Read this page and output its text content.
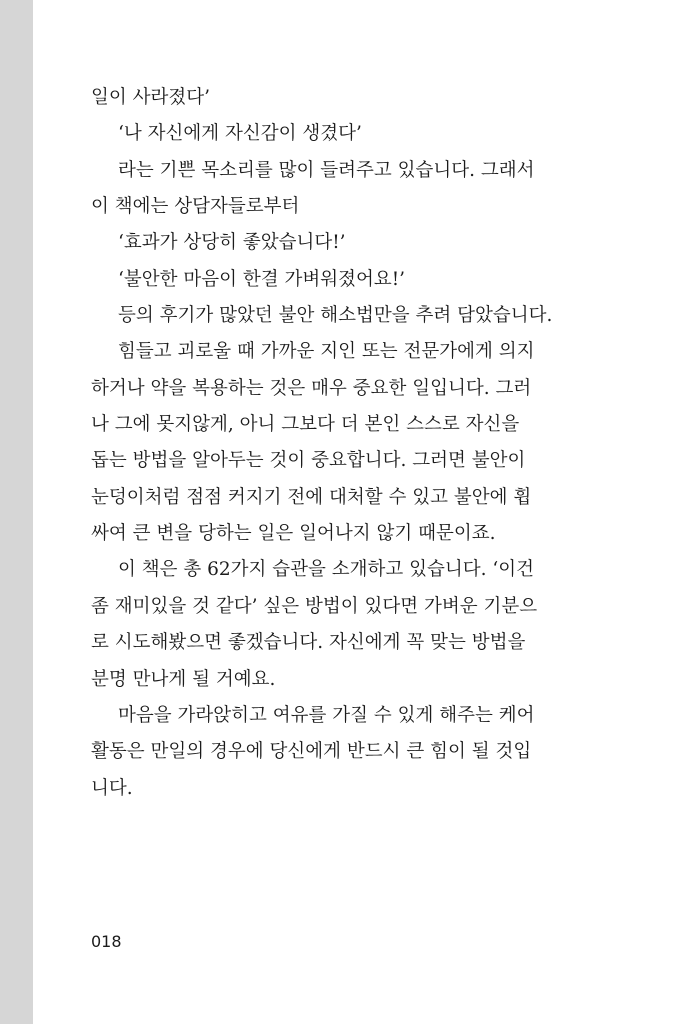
일이 사라졌다’
‘나 자신에게 자신감이 생겼다’
라는 기쁜 목소리를 많이 들려주고 있습니다. 그래서
이 책에는 상담자들로부터
‘효과가 상당히 좋았습니다!’
‘불안한 마음이 한결 가벼워졌어요!’
등의 후기가 많았던 불안 해소법만을 추려 담았습니다.
힘들고 괴로울 때 가까운 지인 또는 전문가에게 의지
하거나 약을 복용하는 것은 매우 중요한 일입니다. 그러
나 그에 못지않게, 아니 그보다 더 본인 스스로 자신을
돕는 방법을 알아두는 것이 중요합니다. 그러면 불안이
눈덩이처럼 점점 커지기 전에 대처할 수 있고 불안에 휩
싸여 큰 변을 당하는 일은 일어나지 않기 때문이죠.
이 책은 총 62가지 습관을 소개하고 있습니다. ‘이건
좀 재미있을 것 같다’ 싶은 방법이 있다면 가벼운 기분으
로 시도해봤으면 좋겠습니다. 자신에게 꼭 맞는 방법을
분명 만나게 될 거예요.
마음을 가라앉히고 여유를 가질 수 있게 해주는 케어
활동은 만일의 경우에 당신에게 반드시 큰 힘이 될 것입
니다.
018
